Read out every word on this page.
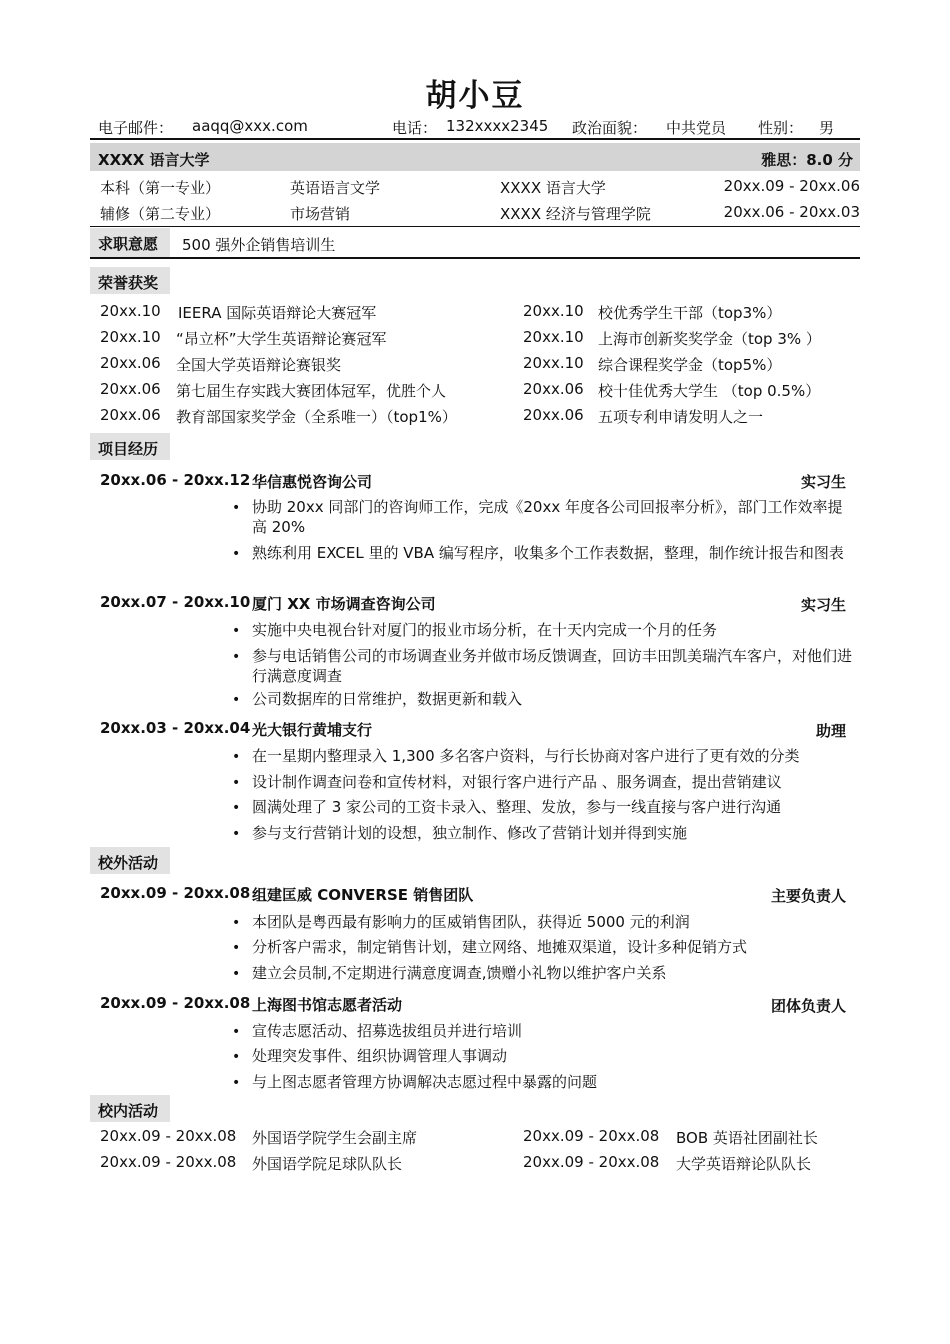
胡小豆
电子邮件： aaqq@xxx.com	电话： 132xxxx2345 政治面貌： 中共党员 性别： 男
XXXX 语言大学	雅思：8.0 分
本科（第一专业）	英语语言文学	XXXX 语言大学	20xx.09 - 20xx.06
辅修（第二专业）	市场营销	XXXX 经济与管理学院	20xx.06 - 20xx.03
求职意愿 500 强外企销售培训生
荣誉获奖
20xx.10 IEERA 国际英语辩论大赛冠军
20xx.10 “昂立杯”大学生英语辩论赛冠军
20xx.06 全国大学英语辩论赛银奖
20xx.06 第七届生存实践大赛团体冠军，优胜个人
20xx.06 教育部国家奖学金（全系唯一）（top1%）
20xx.10 校优秀学生干部（top3%）
20xx.10 上海市创新奖奖学金（top 3% ）
20xx.10 综合课程奖学金（top5%）
20xx.06 校十佳优秀大学生 （top 0.5%）
20xx.06 五项专利申请发明人之一
项目经历
20xx.06 - 20xx.12 华信惠悦咨询公司	实习生
• 协助 20xx 同部门的咨询师工作，完成《20xx 年度各公司回报率分析》，部门工作效率提高 20%
• 熟练利用 EXCEL 里的 VBA 编写程序，收集多个工作表数据，整理，制作统计报告和图表
20xx.07 - 20xx.10 厦门 XX 市场调查咨询公司	实习生
• 实施中央电视台针对厦门的报业市场分析，在十天内完成一个月的任务
• 参与电话销售公司的市场调查业务并做市场反馈调查，回访丰田凯美瑞汽车客户，对他们进行满意度调查
• 公司数据库的日常维护，数据更新和载入
20xx.03 - 20xx.04 光大银行黄埔支行	助理
• 在一星期内整理录入 1,300 多名客户资料，与行长协商对客户进行了更有效的分类
• 设计制作调查问卷和宣传材料，对银行客户进行产品 、服务调查，提出营销建议
• 圆满处理了 3 家公司的工资卡录入、整理、发放，参与一线直接与客户进行沟通
• 参与支行营销计划的设想，独立制作、修改了营销计划并得到实施
校外活动
20xx.09 - 20xx.08 组建匡威 CONVERSE 销售团队	主要负责人
• 本团队是粤西最有影响力的匡威销售团队，获得近 5000 元的利润
• 分析客户需求，制定销售计划，建立网络、地摊双渠道，设计多种促销方式
• 建立会员制,不定期进行满意度调查,馈赠小礼物以维护客户关系
20xx.09 - 20xx.08 上海图书馆志愿者活动	团体负责人
• 宣传志愿活动、招募选拔组员并进行培训
• 处理突发事件、组织协调管理人事调动
• 与上图志愿者管理方协调解决志愿过程中暴露的问题
校内活动
20xx.09 - 20xx.08 外国语学院学生会副主席
20xx.09 - 20xx.08 外国语学院足球队队长
20xx.09 - 20xx.08 BOB 英语社团副社长
20xx.09 - 20xx.08 大学英语辩论队队长
